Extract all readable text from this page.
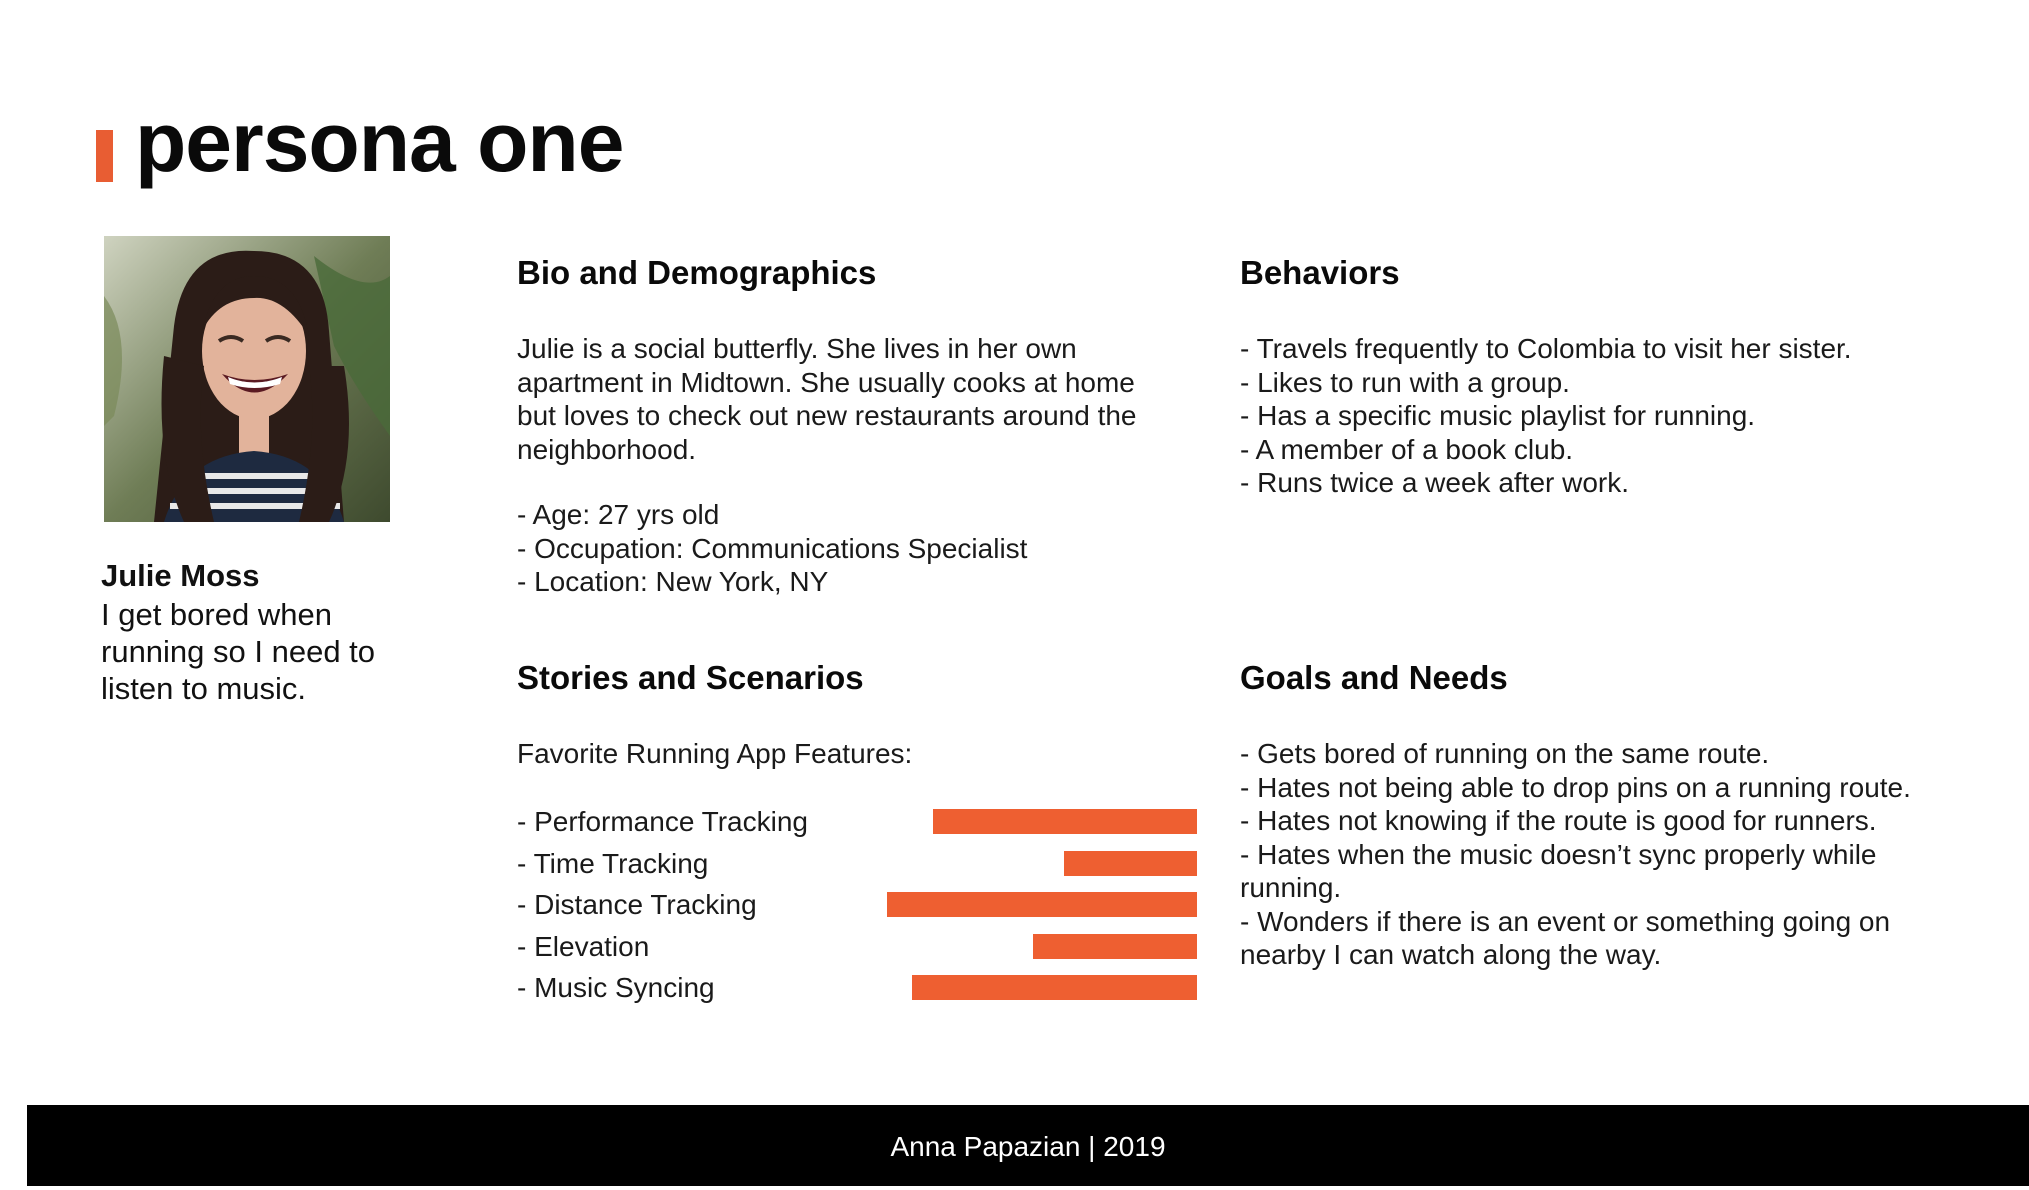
persona one

Julie Moss

I get bored when running so I need to listen to music.

Bio and Demographics

Julie is a social butterfly. She lives in her own apartment in Midtown. She usually cooks at home but loves to check out new restaurants around the neighborhood.

- Age: 27 yrs old
- Occupation: Communications Specialist
- Location: New York, NY
Behaviors
- Travels frequently to Colombia to visit her sister.
- Likes to run with a group.
- Has a specific music playlist for running.
- A member of a book club.
- Runs twice a week after work.
Stories and Scenarios

Favorite Running App Features:

- Performance Tracking

- Time Tracking

- Distance Tracking

- Elevation

- Music Syncing

Goals and Needs
- Gets bored of running on the same route.
- Hates not being able to drop pins on a running route.
- Hates not knowing if the route is good for runners.
- Hates when the music doesn’t sync properly while running.
- Wonders if there is an event or something going on nearby I can watch along the way.

Anna Papazian | 2019
